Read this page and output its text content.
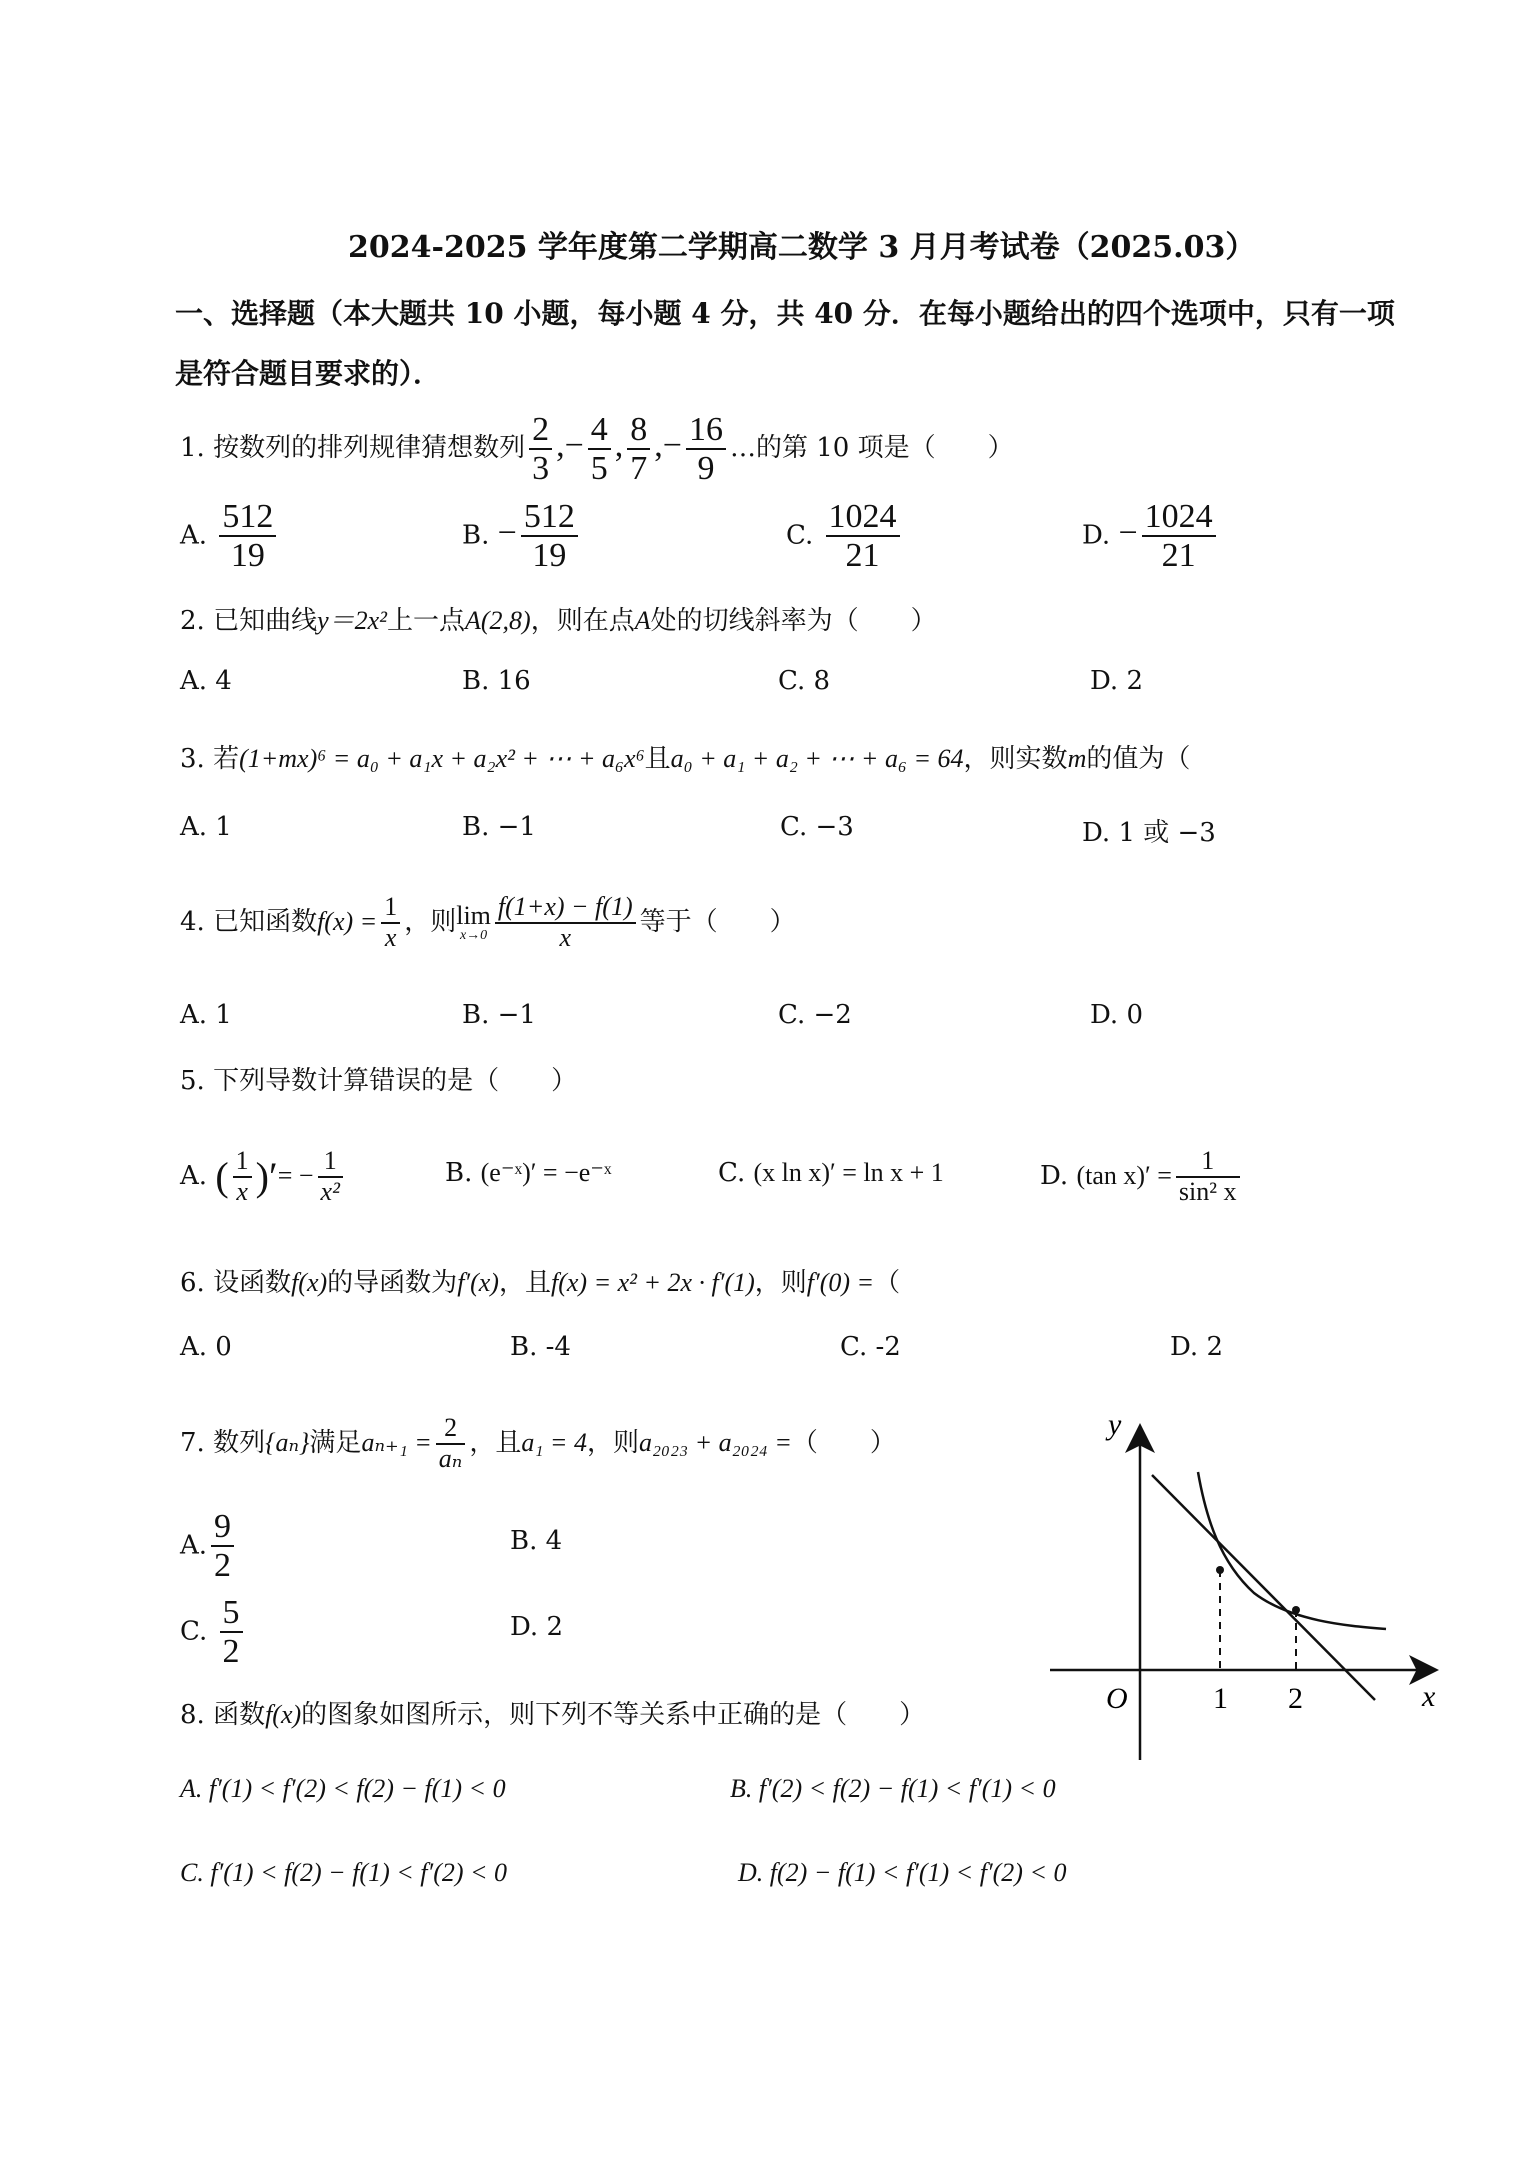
2024-2025 学年度第二学期高二数学 3 月月考试卷（2025.03）
一、选择题（本大题共 10 小题，每小题 4 分，共 40 分．在每小题给出的四个选项中，只有一项
是符合题目要求的）．
1. 按数列的排列规律猜想数列 $\frac{2}{3}$ ,− $\frac{4}{5}$ , $\frac{8}{7}$ ,− $\frac{16}{9}$ …的第 10 项是（　　）
A. $\frac{512}{19}$	B. − $\frac{512}{19}$	C. $\frac{1024}{21}$	D. − $\frac{1024}{21}$
2. 已知曲线y＝2x²上一点A(2,8)，则在点A处的切线斜率为（　　）
A. 4	B. 16	C. 8	D. 2
3. 若(1+mx)⁶ = a₀ + a₁x + a₂x² + ⋯ + a₆x⁶且a₀ + a₁ + a₂ + ⋯ + a₆ = 64，则实数m的值为（
A. 1	B. −1	C. −3	D. 1 或 −3
4. 已知函数$f(x) = \frac{1}{x}$ ，则 lim
$x\to 0 \frac{f(1+x) - f(1)}{x}$ 等于（　　）
A. 1	B. −1	C. −2	D. 0
5. 下列导数计算错误的是（　　）
A. ( $\frac{1}{x}$ )′= − $\frac{1}{\text{x²}}$	B. (e⁻ˣ)′ = −e⁻ˣ	C. (x ln x)′ = ln x + 1	D. (tan $x)' = \frac{1}{\text{sin² x}}$
6. 设函数f(x)的导函数为f′(x)，且f(x) = x² + 2x · f′(1)，则f′(0) =（
A. 0	B. -4	C. -2	D. 2
7. 数列{aₙ}满足$a_{n+1} = \frac{2}{\text{aₙ}}$ ，且a₁ = 4，则a₂₀₂₃ + a₂₀₂₄ =（　　）
A. $\frac{9}{2}$	B. 4
C. $\frac{5}{2}$	D. 2
y
x
O	1 2
8. 函数f(x)的图象如图所示，则下列不等关系中正确的是（　　）
A. f′(1) < f′(2) < f(2) − f(1) < 0	B. f′(2) < f(2) − f(1) < f′(1) < 0
C. f′(1) < f(2) − f(1) < f′(2) < 0	D. f(2) − f(1) < f′(1) < f′(2) < 0
